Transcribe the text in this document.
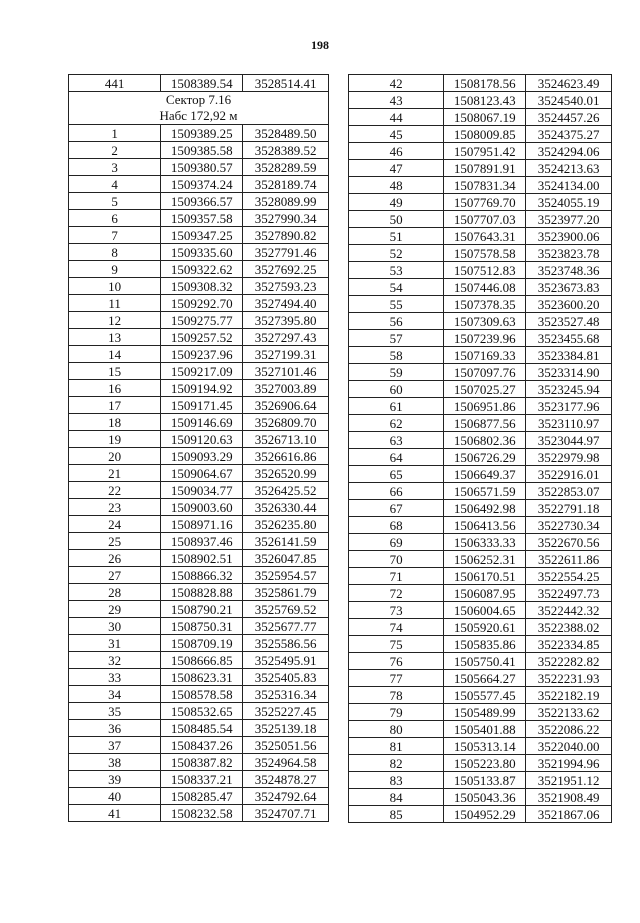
198
441	1508389.54	3528514.41

Сектор 7.16
Набс 172,92 м		

1	1509389.25	3528489.50
2	1509385.58	3528389.52
3	1509380.57	3528289.59
4	1509374.24	3528189.74
5	1509366.57	3528089.99
6	1509357.58	3527990.34
7	1509347.25	3527890.82
8	1509335.60	3527791.46
9	1509322.62	3527692.25
10	1509308.32	3527593.23
11	1509292.70	3527494.40
12	1509275.77	3527395.80
13	1509257.52	3527297.43
14	1509237.96	3527199.31
15	1509217.09	3527101.46
16	1509194.92	3527003.89
17	1509171.45	3526906.64
18	1509146.69	3526809.70
19	1509120.63	3526713.10
20	1509093.29	3526616.86
21	1509064.67	3526520.99
22	1509034.77	3526425.52
23	1509003.60	3526330.44
24	1508971.16	3526235.80
25	1508937.46	3526141.59
26	1508902.51	3526047.85
27	1508866.32	3525954.57
28	1508828.88	3525861.79
29	1508790.21	3525769.52
30	1508750.31	3525677.77
31	1508709.19	3525586.56
32	1508666.85	3525495.91
33	1508623.31	3525405.83
34	1508578.58	3525316.34
35	1508532.65	3525227.45
36	1508485.54	3525139.18
37	1508437.26	3525051.56
38	1508387.82	3524964.58
39	1508337.21	3524878.27
40	1508285.47	3524792.64
41	1508232.58	3524707.71
42	1508178.56	3524623.49
43	1508123.43	3524540.01
44	1508067.19	3524457.26
45	1508009.85	3524375.27
46	1507951.42	3524294.06
47	1507891.91	3524213.63
48	1507831.34	3524134.00
49	1507769.70	3524055.19
50	1507707.03	3523977.20
51	1507643.31	3523900.06
52	1507578.58	3523823.78
53	1507512.83	3523748.36
54	1507446.08	3523673.83
55	1507378.35	3523600.20
56	1507309.63	3523527.48
57	1507239.96	3523455.68
58	1507169.33	3523384.81
59	1507097.76	3523314.90
60	1507025.27	3523245.94
61	1506951.86	3523177.96
62	1506877.56	3523110.97
63	1506802.36	3523044.97
64	1506726.29	3522979.98
65	1506649.37	3522916.01
66	1506571.59	3522853.07
67	1506492.98	3522791.18
68	1506413.56	3522730.34
69	1506333.33	3522670.56
70	1506252.31	3522611.86
71	1506170.51	3522554.25
72	1506087.95	3522497.73
73	1506004.65	3522442.32
74	1505920.61	3522388.02
75	1505835.86	3522334.85
76	1505750.41	3522282.82
77	1505664.27	3522231.93
78	1505577.45	3522182.19
79	1505489.99	3522133.62
80	1505401.88	3522086.22
81	1505313.14	3522040.00
82	1505223.80	3521994.96
83	1505133.87	3521951.12
84	1505043.36	3521908.49
85	1504952.29	3521867.06
